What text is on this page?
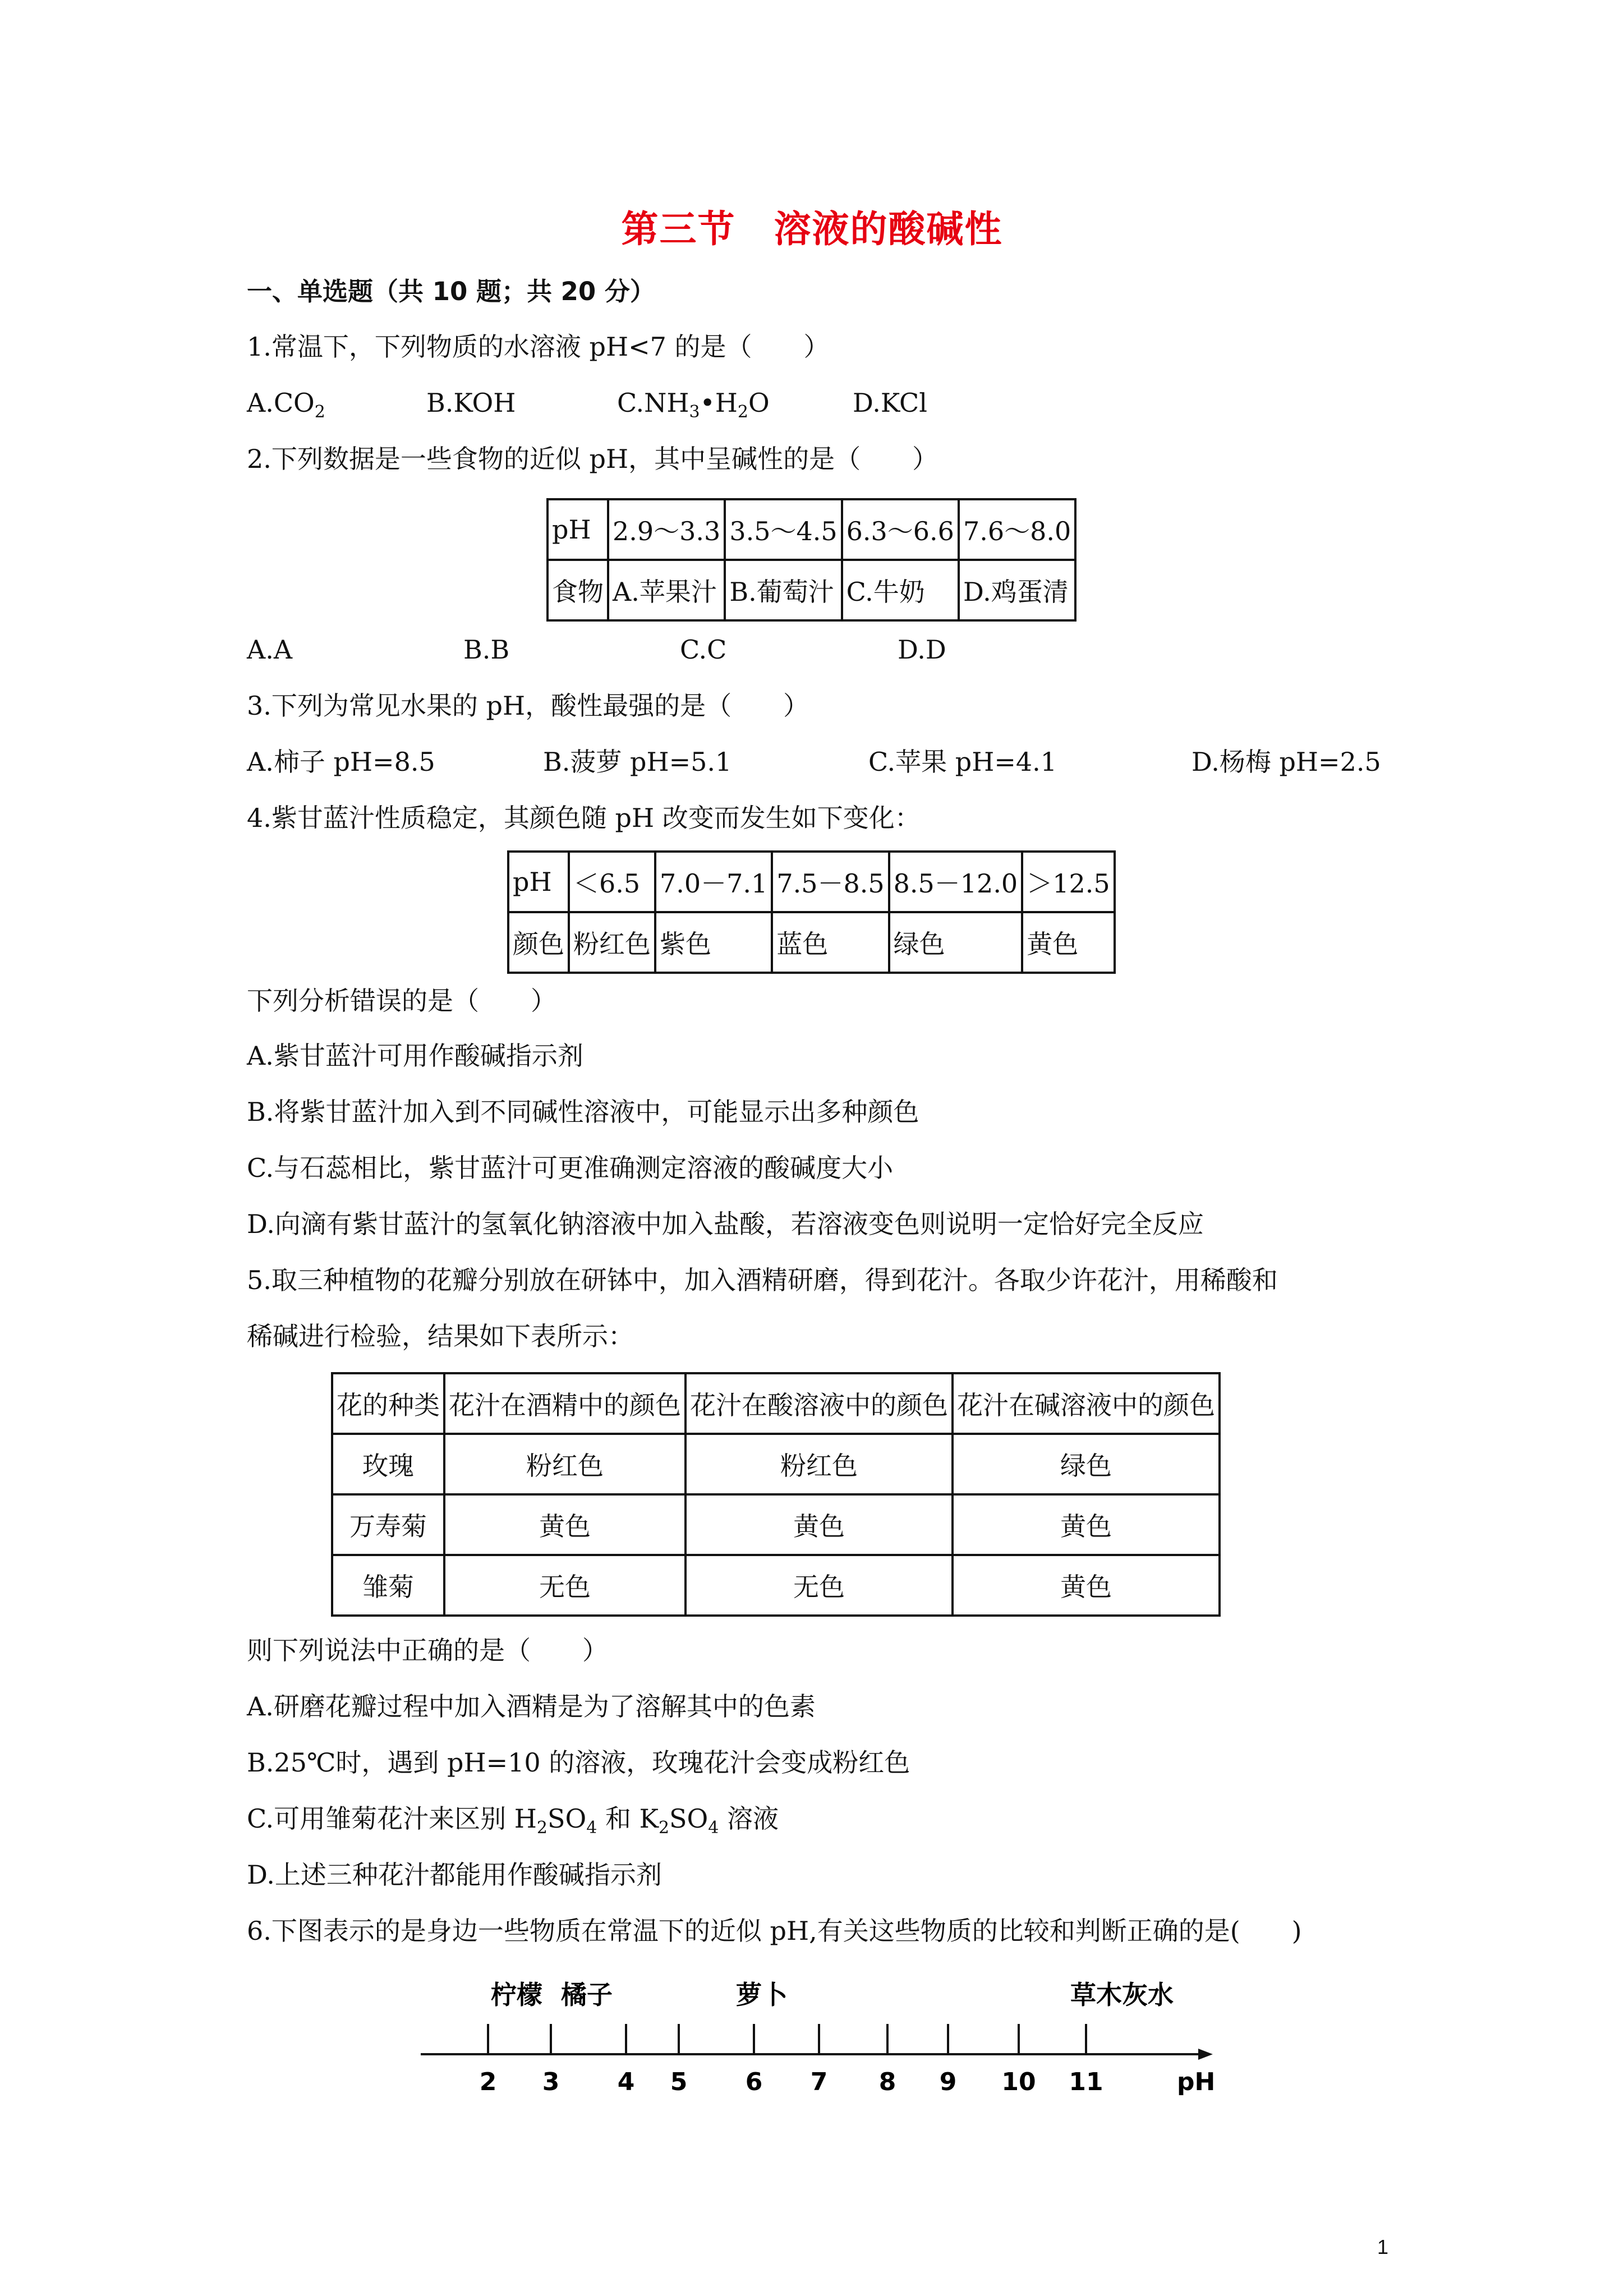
第三节　溶液的酸碱性
一、单选题（共 10 题；共 20 分）
1.常温下，下列物质的水溶液 pH<7 的是（　　）
$A.CO_2$	B.KOH	$C.NH_3•H_2O$	D.KCl
2.下列数据是一些食物的近似 pH，其中呈碱性的是（　　）
pH	2.9～3.3	3.5～4.5	6.3～6.6	7.6～8.0
食物	A.苹果汁	B.葡萄汁	C.牛奶	D.鸡蛋清
A.A	B.B	C.C	D.D
3.下列为常见水果的 pH，酸性最强的是（　　）
A.柿子 pH=8.5	B.菠萝 pH=5.1	C.苹果 pH=4.1	D.杨梅 pH=2.5
4.紫甘蓝汁性质稳定，其颜色随 pH 改变而发生如下变化：
pH	＜6.5	7.0－7.1	7.5－8.5	8.5－12.0	＞12.5
颜色	粉红色	紫色	蓝色	绿色	黄色
下列分析错误的是（　　）
A.紫甘蓝汁可用作酸碱指示剂
B.将紫甘蓝汁加入到不同碱性溶液中，可能显示出多种颜色
C.与石蕊相比，紫甘蓝汁可更准确测定溶液的酸碱度大小
D.向滴有紫甘蓝汁的氢氧化钠溶液中加入盐酸，若溶液变色则说明一定恰好完全反应
5.取三种植物的花瓣分别放在研钵中，加入酒精研磨，得到花汁。各取少许花汁，用稀酸和
稀碱进行检验，结果如下表所示：
花的种类	花汁在酒精中的颜色	花汁在酸溶液中的颜色	花汁在碱溶液中的颜色
玫瑰	粉红色	粉红色	绿色
万寿菊	黄色	黄色	黄色
雏菊	无色	无色	黄色
则下列说法中正确的是（　　）
A.研磨花瓣过程中加入酒精是为了溶解其中的色素
B.25℃时，遇到 pH=10 的溶液，玫瑰花汁会变成粉红色
C.可用雏菊花汁来区别 $H_2SO_4$ 和 $K_2SO_4$ 溶液
D.上述三种花汁都能用作酸碱指示剂
6.下图表示的是身边一些物质在常温下的近似 pH,有关这些物质的比较和判断正确的是(　　)
2 3 4 5 6 7 8 9 10 11
柠檬 橘子	萝卜	草木灰水
pH
1
